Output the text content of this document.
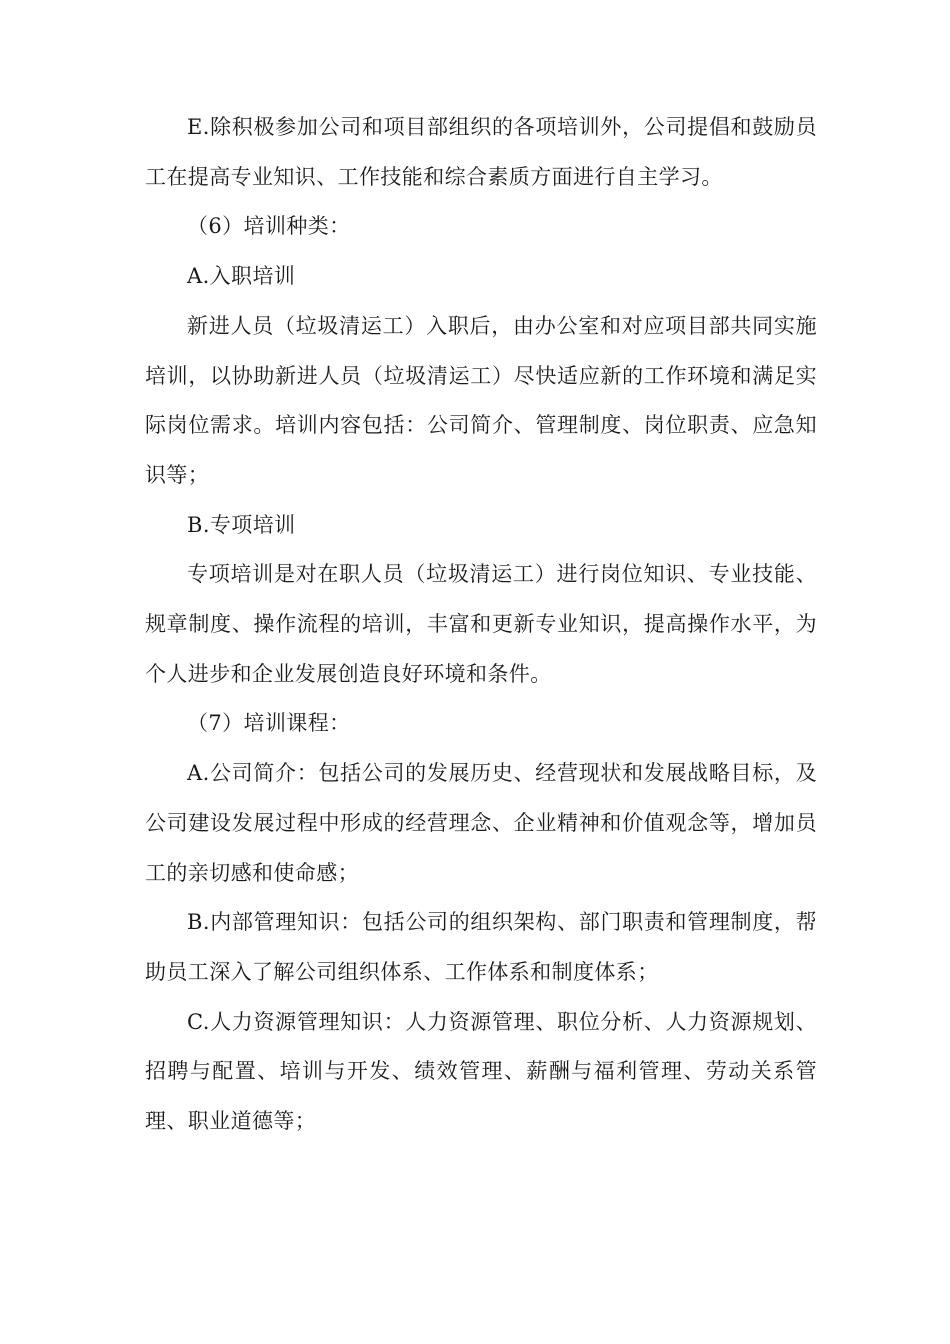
E.除积极参加公司和项目部组织的各项培训外，公司提倡和鼓励员工在提高专业知识、工作技能和综合素质方面进行自主学习。

（6）培训种类：

A.入职培训

新进人员（垃圾清运工）入职后，由办公室和对应项目部共同实施培训，以协助新进人员（垃圾清运工）尽快适应新的工作环境和满足实际岗位需求。培训内容包括：公司简介、管理制度、岗位职责、应急知识等；

B.专项培训

专项培训是对在职人员（垃圾清运工）进行岗位知识、专业技能、规章制度、操作流程的培训，丰富和更新专业知识，提高操作水平，为个人进步和企业发展创造良好环境和条件。

（7）培训课程：

A.公司简介：包括公司的发展历史、经营现状和发展战略目标，及公司建设发展过程中形成的经营理念、企业精神和价值观念等，增加员工的亲切感和使命感；

B.内部管理知识：包括公司的组织架构、部门职责和管理制度，帮助员工深入了解公司组织体系、工作体系和制度体系；

C.人力资源管理知识：人力资源管理、职位分析、人力资源规划、招聘与配置、培训与开发、绩效管理、薪酬与福利管理、劳动关系管理、职业道德等；
